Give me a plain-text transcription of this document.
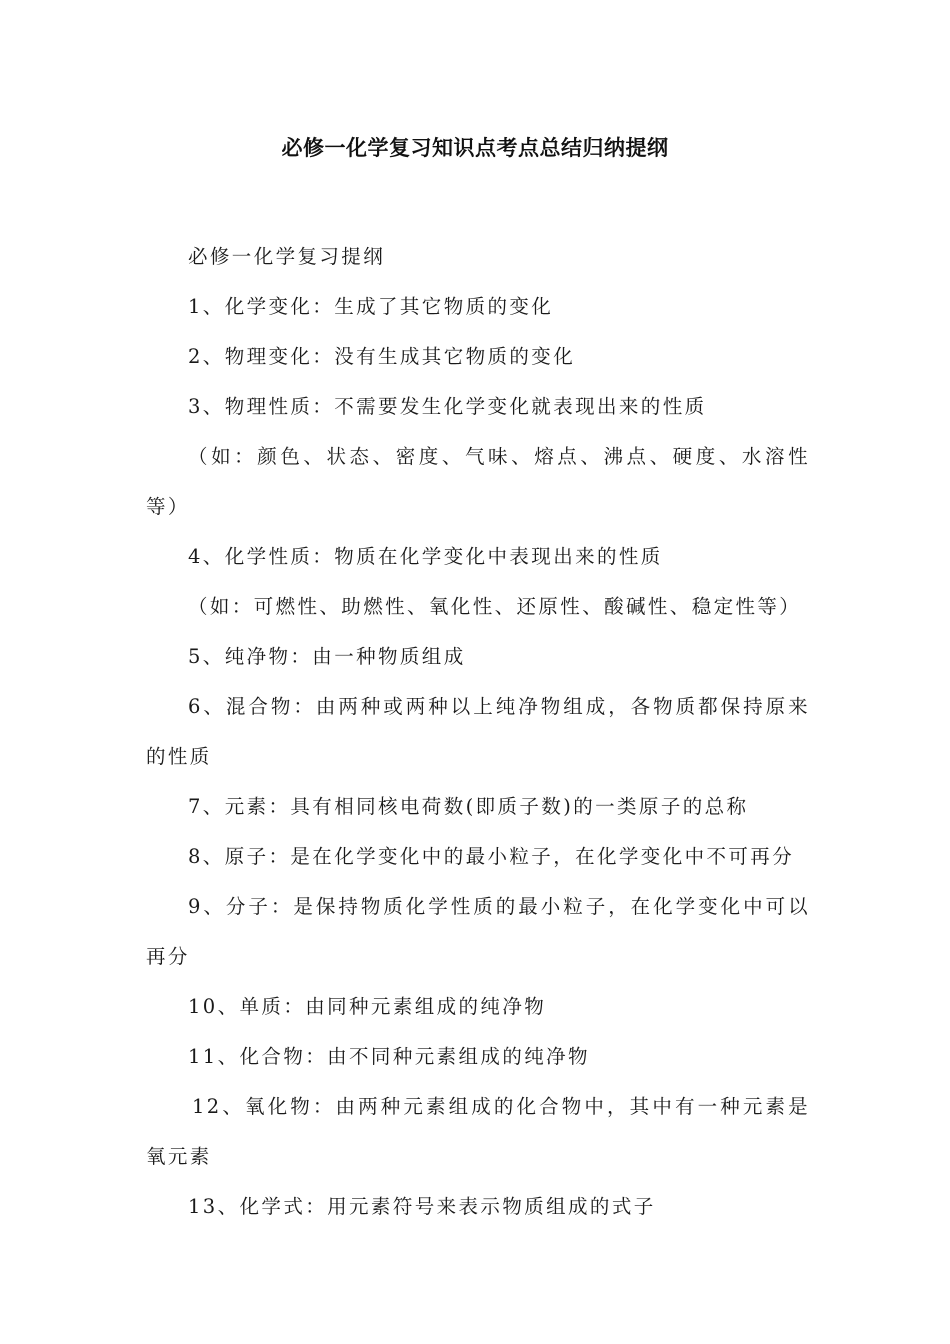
必修一化学复习知识点考点总结归纳提纲

必修一化学复习提纲

1、化学变化：生成了其它物质的变化

2、物理变化：没有生成其它物质的变化

3、物理性质：不需要发生化学变化就表现出来的性质

（如：颜色、状态、密度、气味、熔点、沸点、硬度、水溶性等）

4、化学性质：物质在化学变化中表现出来的性质

（如：可燃性、助燃性、氧化性、还原性、酸碱性、稳定性等）

5、纯净物：由一种物质组成

6、混合物：由两种或两种以上纯净物组成，各物质都保持原来的性质

7、元素：具有相同核电荷数(即质子数)的一类原子的总称

8、原子：是在化学变化中的最小粒子，在化学变化中不可再分

9、分子：是保持物质化学性质的最小粒子，在化学变化中可以再分

10、单质：由同种元素组成的纯净物

11、化合物：由不同种元素组成的纯净物

12、氧化物：由两种元素组成的化合物中，其中有一种元素是氧元素

13、化学式：用元素符号来表示物质组成的式子
